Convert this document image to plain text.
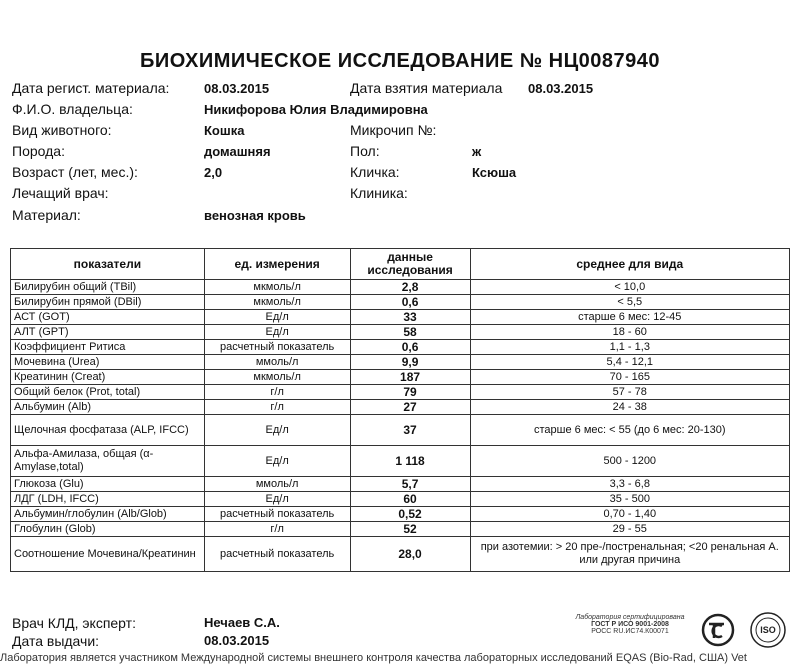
БИОХИМИЧЕСКОЕ ИССЛЕДОВАНИЕ № НЦ0087940
Дата регист. материала:	08.03.2015	Дата взятия материала 08.03.2015
Ф.И.О. владельца:	Никифорова Юлия Владимировна
Вид животного:	Кошка	Микрочип №:
Порода:	домашняя	Пол:	ж
Возраст (лет, мес.):	2,0	Кличка:	Ксюша
Лечащий врач:	Клиника:
Материал:	венозная кровь
показатели	ед. измерения	данные исследования	среднее для вида
Билирубин общий (TBil)	мкмоль/л	2,8	< 10,0
Билирубин прямой (DBil)	мкмоль/л	0,6	< 5,5
АСТ (GOT)	Ед/л	33	старше 6 мес: 12-45
АЛТ (GPT)	Ед/л	58	18 - 60
Коэффициент Ритиса	расчетный показатель	0,6	1,1 - 1,3
Мочевина (Urea)	ммоль/л	9,9	5,4 - 12,1
Креатинин (Creat)	мкмоль/л	187	70 - 165
Общий белок (Prot, total)	г/л	79	57 - 78
Альбумин (Alb)	г/л	27	24 - 38
Щелочная фосфатаза (ALP, IFCC)	Ед/л	37	старше 6 мес: < 55 (до 6 мес: 20-130)
Альфа-Амилаза, общая (α-Amylase,total)	Ед/л	1 118	500 - 1200
Глюкоза (Glu)	ммоль/л	5,7	3,3 - 6,8
ЛДГ (LDH, IFCC)	Ед/л	60	35 - 500
Альбумин/глобулин (Alb/Glob)	расчетный показатель	0,52	0,70 - 1,40
Глобулин (Glob)	г/л	52	29 - 55
Соотношение Мочевина/Креатинин	расчетный показатель	28,0	при азотемии: > 20 пре-/постренальная; <20 ренальная А. или другая причина
Врач КЛД, эксперт:	Нечаев С.А.
Дата выдачи:	08.03.2015
Лаборатория сертифицирована
ГОСТ Р ИСО 9001-2008
РОСС RU.ИС74.К00071	ISO
Лаборатория является участником Международной системы внешнего контроля качества лабораторных исследований EQAS (Bio-Rad, США) Vet
